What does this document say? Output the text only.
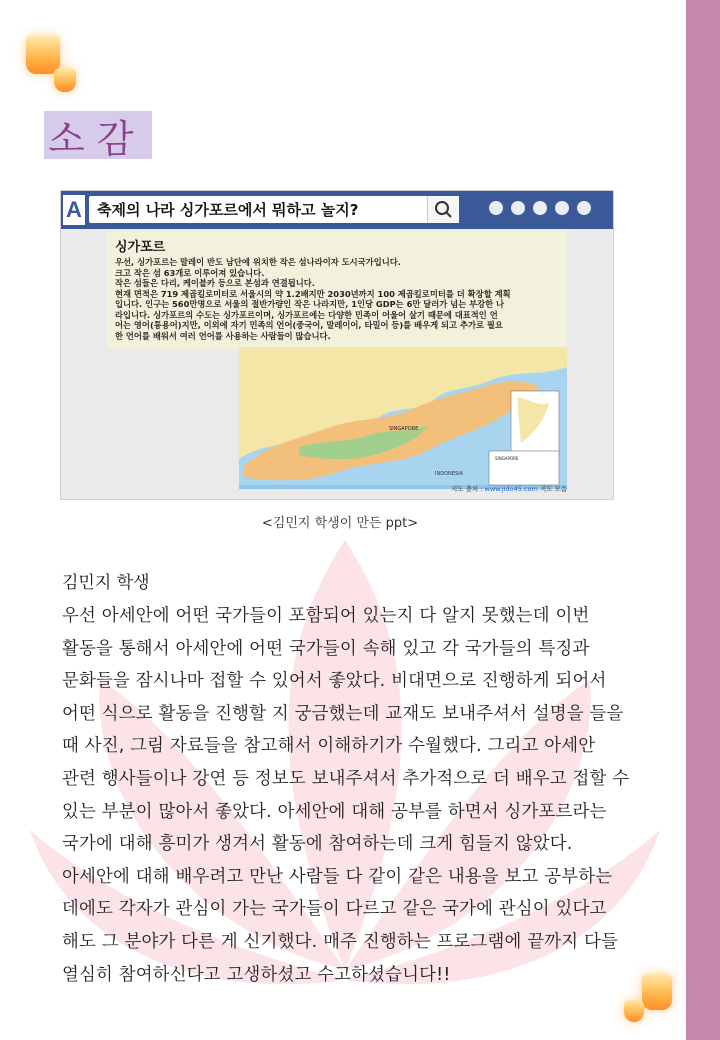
소감
A 축제의 나라 싱가포르에서 뭐하고 놀지?
싱가포르
우선, 싱가포르는 말레이 반도 남단에 위치한 작은 섬나라이자 도시국가입니다.
크고 작은 섬 63개로 이루어져 있습니다.
작은 섬들은 다리, 케이블카 등으로 본섬과 연결됩니다.
현재 면적은 719 제곱킬로미터로 서울시의 약 1.2배지만 2030년까지 100 제곱킬로미터를 더 확장할 계획
입니다. 인구는 560만명으로 서울의 절반가량인 작은 나라지만, 1인당 GDP는 6만 달러가 넘는 부강한 나
라입니다. 싱가포르의 수도는 싱가포르이며, 싱가포르에는 다양한 민족이 어울어 살기 때문에 대표적인 언
어는 영어(통용어)지만, 이외에 자기 민족의 언어(중국어, 말레이어, 타밀어 등)를 배우게 되고 추가로 필요
한 언어를 배워서 여러 언어를 사용하는 사람들이 많습니다.
SINGAPORE
INDONESIA
SINGAPORE
지도 출처 : www.jido45.com 지도 모음
<김민지 학생이 만든 ppt>
김민지 학생
우선 아세안에 어떤 국가들이 포함되어 있는지 다 알지 못했는데 이번
활동을 통해서 아세안에 어떤 국가들이 속해 있고 각 국가들의 특징과
문화들을 잠시나마 접할 수 있어서 좋았다. 비대면으로 진행하게 되어서
어떤 식으로 활동을 진행할 지 궁금했는데 교재도 보내주셔서 설명을 들을
때 사진, 그림 자료들을 참고해서 이해하기가 수월했다. 그리고 아세안
관련 행사들이나 강연 등 정보도 보내주셔서 추가적으로 더 배우고 접할 수
있는 부분이 많아서 좋았다. 아세안에 대해 공부를 하면서 싱가포르라는
국가에 대해 흥미가 생겨서 활동에 참여하는데 크게 힘들지 않았다.
아세안에 대해 배우려고 만난 사람들 다 같이 같은 내용을 보고 공부하는
데에도 각자가 관심이 가는 국가들이 다르고 같은 국가에 관심이 있다고
해도 그 분야가 다른 게 신기했다. 매주 진행하는 프로그램에 끝까지 다들
열심히 참여하신다고 고생하셨고 수고하셨습니다!!
